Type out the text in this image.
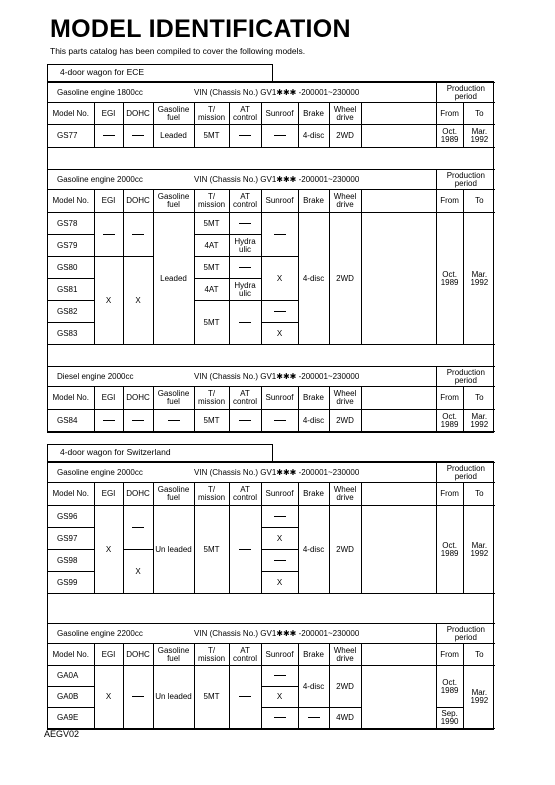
MODEL IDENTIFICATION
This parts catalog has been compiled to cover the following models.
4-door wagon for ECE
Gasoline engine 1800cc				VIN (Chassis No.) GV1✱✱✱ -200001~230000						Production period	
Model No.	EGI	DOHC	Gasoline fuel	T/ mission	AT control	Sunroof	Brake	Wheel drive		From	To
GS77			Leaded	5MT			4-disc	2WD		Oct. 1989	Mar. 1992
Gasoline engine 2000cc				VIN (Chassis No.) GV1✱✱✱ -200001~230000						Production period	
Model No.	EGI	DOHC	Gasoline fuel	T/ mission	AT control	Sunroof	Brake	Wheel drive		From	To
GS78			Leaded	5MT			4-disc	2WD		Oct. 1989	Mar. 1992
GS79				4AT	Hydra ulic						
GS80	X	X		5MT		X					
GS81				4AT	Hydra ulic						
GS82				5MT							
GS83						X					
Diesel engine 2000cc				VIN (Chassis No.) GV1✱✱✱ -200001~230000						Production period	
Model No.	EGI	DOHC	Gasoline fuel	T/ mission	AT control	Sunroof	Brake	Wheel drive		From	To
GS84				5MT			4-disc	2WD		Oct. 1989	Mar. 1992
4-door wagon for Switzerland
Gasoline engine 2000cc				VIN (Chassis No.) GV1✱✱✱ -200001~230000						Production period	
Model No.	EGI	DOHC	Gasoline fuel	T/ mission	AT control	Sunroof	Brake	Wheel drive		From	To
GS96	X		Un leaded	5MT			4-disc	2WD		Oct. 1989	Mar. 1992
GS97						X					
GS98		X									
GS99						X					
Gasoline engine 2200cc				VIN (Chassis No.) GV1✱✱✱ -200001~230000						Production period	
Model No.	EGI	DOHC	Gasoline fuel	T/ mission	AT control	Sunroof	Brake	Wheel drive		From	To
GA0A	X		Un leaded	5MT			4-disc	2WD		Oct. 1989	Mar. 1992
GA0B						X					
GA9E								4WD		Sep. 1990	
AEGV02
